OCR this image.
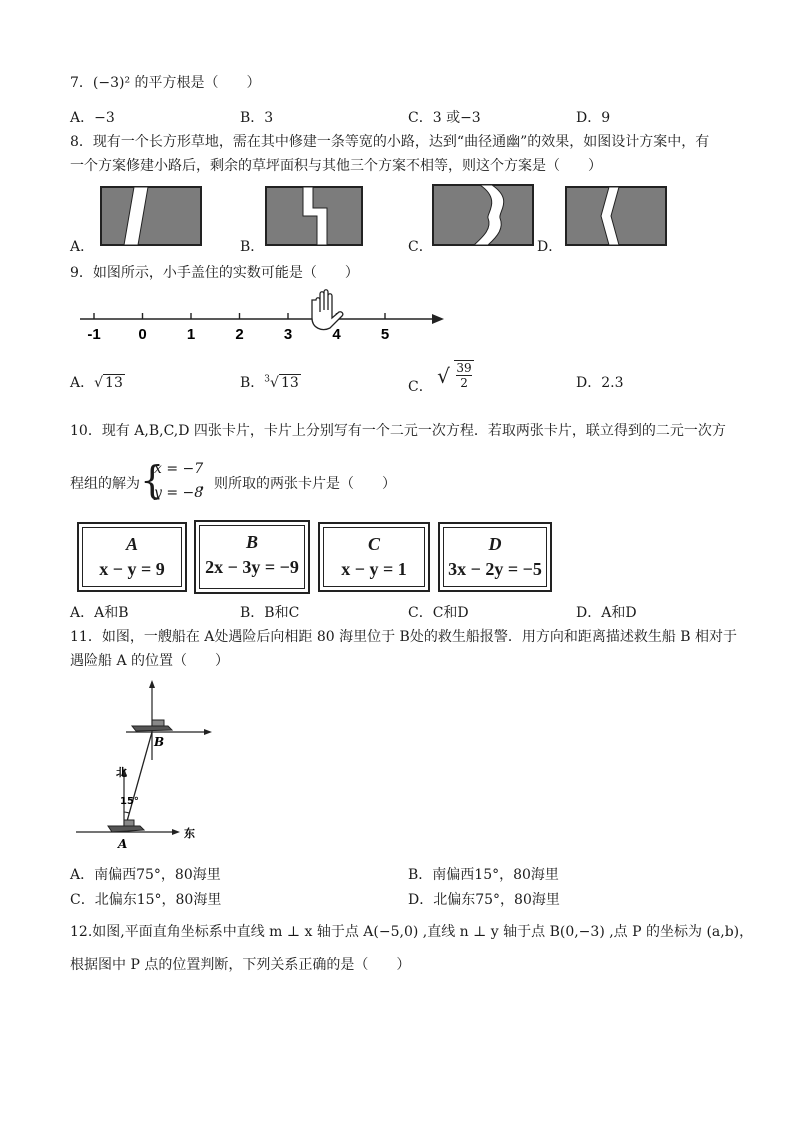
7．(−3)² 的平方根是（　　）
A．−3	B．3	C．3 或−3	D．9
8．现有一个长方形草地，需在其中修建一条等宽的小路，达到“曲径通幽”的效果，如图设计方案中，有
一个方案修建小路后，剩余的草坪面积与其他三个方案不相等，则这个方案是（　　）
A．	B．	C．	D．
9．如图所示，小手盖住的实数可能是（　　）
-1	0	1	2	3	4	5
A．√ 13	B．$^3$√ 13	C． √ $\frac{39}{2}$	D．2.3
10．现有 A,B,C,D 四张卡片，卡片上分别写有一个二元一次方程．若取两张卡片，联立得到的二元一次方
程组的解为 {
x = −7
y = −8
，则所取的两张卡片是（　　）
A
x − y = 9
B
2x − 3y = −9
C
x − y = 1
D
3x − 2y = −5
A．A和B	B．B和C	C．C和D	D．A和D
11．如图，一艘船在 A处遇险后向相距 80 海里位于 B处的救生船报警．用方向和距离描述救生船 B 相对于
遇险船 A 的位置（　　）
北
东
15°
A
B
A．南偏西75°，80海里	B．南偏西15°，80海里
C．北偏东15°，80海里	D．北偏东75°，80海里
12.如图,平面直角坐标系中直线 m ⊥ x 轴于点 A(−5,0) ,直线 n ⊥ y 轴于点 B(0,−3) ,点 P 的坐标为 (a,b)，
根据图中 P 点的位置判断，下列关系正确的是（　　）
